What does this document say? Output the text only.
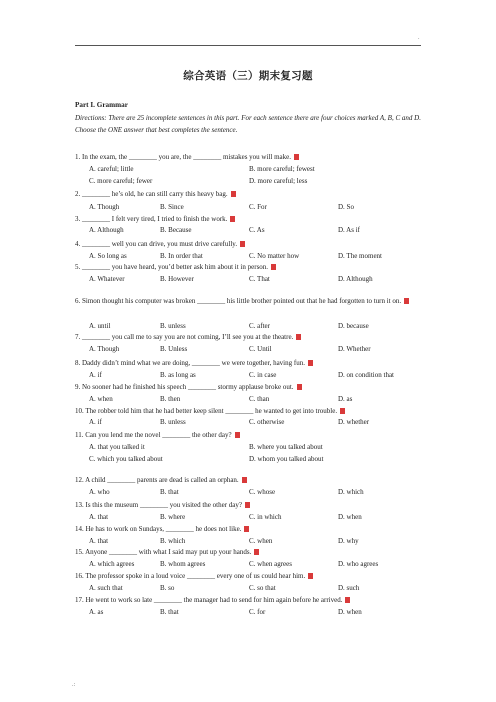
.
综合英语（三）期末复习题
Part I. Grammar
Directions: There are 25 incomplete sentences in this part. For each sentence there are four choices marked A, B, C and D. Choose the ONE answer that best completes the sentence.
1. In the exam, the ________ you are, the ________ mistakes you will make.
A. careful; little	B. more careful; fewest
C. more careful; fewer	D. more careful; less
2. ________ he’s old, he can still carry this heavy bag.
A. Though	B. Since	C. For	D. So
3. ________ I felt very tired, I tried to finish the work.
A. Although	B. Because	C. As	D. As if
4. ________ well you can drive, you must drive carefully.
A. So long as	B. In order that	C. No matter how	D. The moment
5. ________ you have heard, you’d better ask him about it in person.
A. Whatever	B. However	C. That	D. Although
6. Simon thought his computer was broken ________ his little brother pointed out that he had forgotten to turn it on.
A. until	B. unless	C. after	D. because
7. ________ you call me to say you are not coming, I’ll see you at the theatre.
A. Though	B. Unless	C. Until	D. Whether
8. Daddy didn’t mind what we are doing, ________ we were together, having fun.
A. if	B. as long as	C. in case	D. on condition that
9. No sooner had he finished his speech ________ stormy applause broke out.
A. when	B. then	C. than	D. as
10. The robber told him that he had better keep silent ________ he wanted to get into trouble.
A. if	B. unless	C. otherwise	D. whether
11. Can you lend me the novel ________ the other day?
A. that you talked it	B. where you talked about
C. which you talked about	D. whom you talked about
12. A child ________ parents are dead is called an orphan.
A. who	B. that	C. whose	D. which
13. Is this the museum ________ you visited the other day?
A. that	B. where	C. in which	D. when
14. He has to work on Sundays, ________ he does not like.
A. that	B. which	C. when	D. why
15. Anyone ________ with what I said may put up your hands.
A. which agrees	B. whom agrees	C. when agrees	D. who agrees
16. The professor spoke in a loud voice ________ every one of us could hear him.
A. such that	B. so	C. so that	D. such
17. He went to work so late ________ the manager had to send for him again before he arrived.
A. as	B. that	C. for	D. when
.:
